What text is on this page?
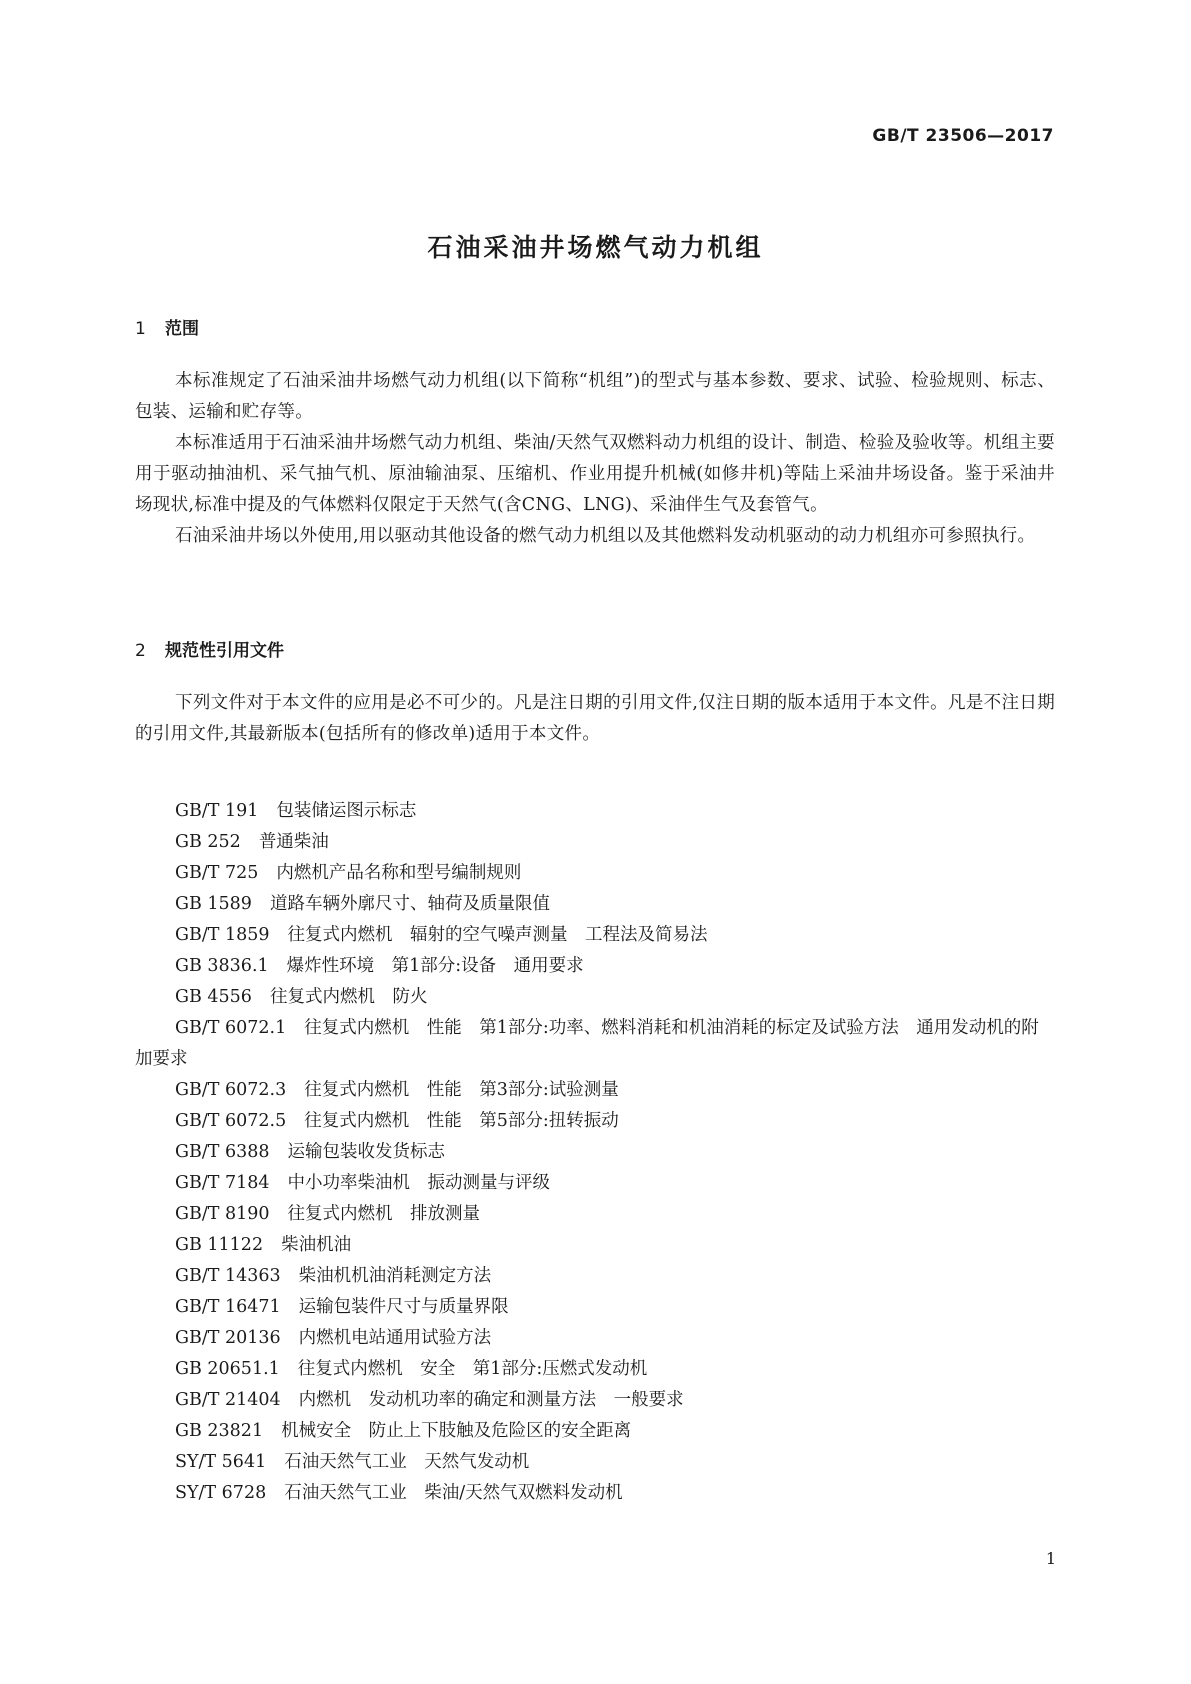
GB/T 23506—2017
石油采油井场燃气动力机组
1 范围

本标准规定了石油采油井场燃气动力机组(以下简称“机组”)的型式与基本参数、要求、试验、检验规则、标志、包装、运输和贮存等。

本标准适用于石油采油井场燃气动力机组、柴油/天然气双燃料动力机组的设计、制造、检验及验收等。机组主要用于驱动抽油机、采气抽气机、原油输油泵、压缩机、作业用提升机械(如修井机)等陆上采油井场设备。鉴于采油井场现状,标准中提及的气体燃料仅限定于天然气(含CNG、LNG)、采油伴生气及套管气。

石油采油井场以外使用,用以驱动其他设备的燃气动力机组以及其他燃料发动机驱动的动力机组亦可参照执行。

2 规范性引用文件

下列文件对于本文件的应用是必不可少的。凡是注日期的引用文件,仅注日期的版本适用于本文件。凡是不注日期的引用文件,其最新版本(包括所有的修改单)适用于本文件。

GB/T 191 包装储运图示标志

GB 252 普通柴油

GB/T 725 内燃机产品名称和型号编制规则

GB 1589 道路车辆外廓尺寸、轴荷及质量限值

GB/T 1859 往复式内燃机　辐射的空气噪声测量　工程法及简易法

GB 3836.1 爆炸性环境　第1部分:设备　通用要求

GB 4556 往复式内燃机　防火

GB/T 6072.1 往复式内燃机　性能　第1部分:功率、燃料消耗和机油消耗的标定及试验方法　通用发动机的附加要求

GB/T 6072.3 往复式内燃机　性能　第3部分:试验测量

GB/T 6072.5 往复式内燃机　性能　第5部分:扭转振动

GB/T 6388 运输包装收发货标志

GB/T 7184 中小功率柴油机　振动测量与评级

GB/T 8190 往复式内燃机　排放测量

GB 11122 柴油机油

GB/T 14363 柴油机机油消耗测定方法

GB/T 16471 运输包装件尺寸与质量界限

GB/T 20136 内燃机电站通用试验方法

GB 20651.1 往复式内燃机　安全　第1部分:压燃式发动机

GB/T 21404 内燃机　发动机功率的确定和测量方法　一般要求

GB 23821 机械安全　防止上下肢触及危险区的安全距离

SY/T 5641 石油天然气工业　天然气发动机

SY/T 6728 石油天然气工业　柴油/天然气双燃料发动机

1
